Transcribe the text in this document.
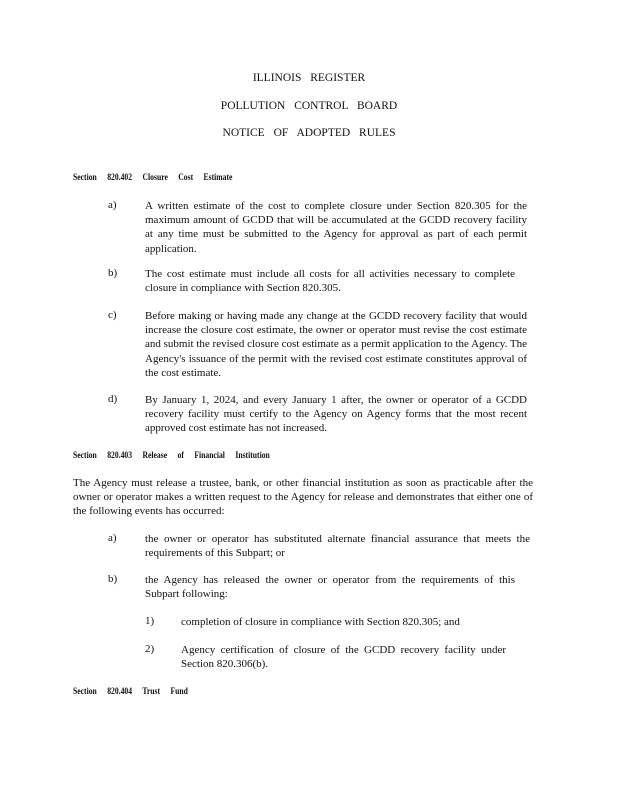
ILLINOIS REGISTER
POLLUTION CONTROL BOARD
NOTICE OF ADOPTED RULES
Section 820.402 Closure Cost Estimate
a)	A written estimate of the cost to complete closure under Section 820.305 for the maximum amount of GCDD that will be accumulated at the GCDD recovery facility at any time must be submitted to the Agency for approval as part of each permit application.
b)	The cost estimate must include all costs for all activities necessary to complete closure in compliance with Section 820.305.
c)	Before making or having made any change at the GCDD recovery facility that would increase the closure cost estimate, the owner or operator must revise the cost estimate and submit the revised closure cost estimate as a permit application to the Agency. The Agency's issuance of the permit with the revised cost estimate constitutes approval of the cost estimate.
d)	By January 1, 2024, and every January 1 after, the owner or operator of a GCDD recovery facility must certify to the Agency on Agency forms that the most recent approved cost estimate has not increased.
Section 820.403 Release of Financial Institution
The Agency must release a trustee, bank, or other financial institution as soon as practicable after the owner or operator makes a written request to the Agency for release and demonstrates that either one of the following events has occurred:
a)	the owner or operator has substituted alternate financial assurance that meets the requirements of this Subpart; or
b)	the Agency has released the owner or operator from the requirements of this Subpart following:
1) completion of closure in compliance with Section 820.305; and
2) Agency certification of closure of the GCDD recovery facility under Section 820.306(b).
Section 820.404 Trust Fund
